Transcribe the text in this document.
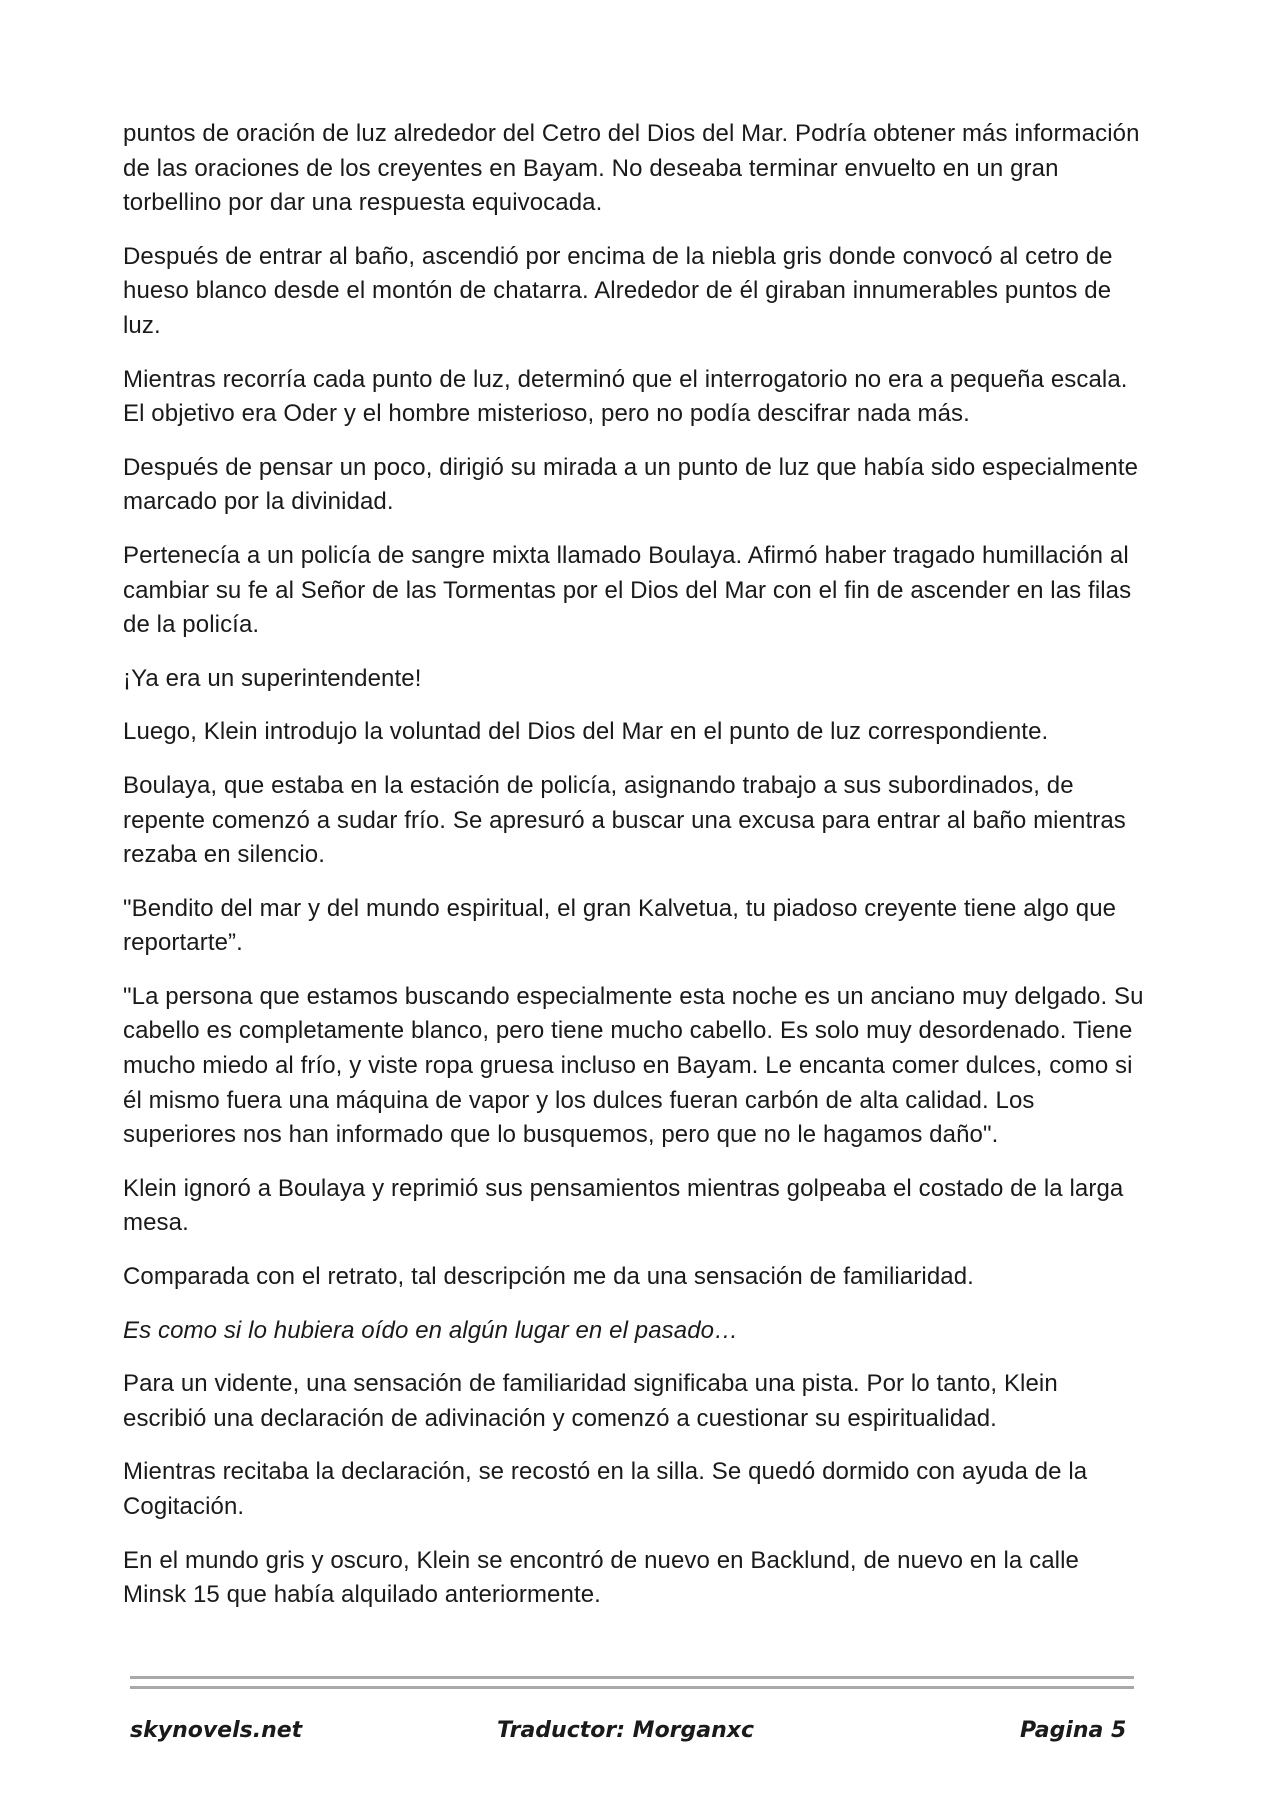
puntos de oración de luz alrededor del Cetro del Dios del Mar. Podría obtener más información de las oraciones de los creyentes en Bayam. No deseaba terminar envuelto en un gran torbellino por dar una respuesta equivocada.

Después de entrar al baño, ascendió por encima de la niebla gris donde convocó al cetro de hueso blanco desde el montón de chatarra. Alrededor de él giraban innumerables puntos de luz.

Mientras recorría cada punto de luz, determinó que el interrogatorio no era a pequeña escala. El objetivo era Oder y el hombre misterioso, pero no podía descifrar nada más.

Después de pensar un poco, dirigió su mirada a un punto de luz que había sido especialmente marcado por la divinidad.

Pertenecía a un policía de sangre mixta llamado Boulaya. Afirmó haber tragado humillación al cambiar su fe al Señor de las Tormentas por el Dios del Mar con el fin de ascender en las filas de la policía.

¡Ya era un superintendente!

Luego, Klein introdujo la voluntad del Dios del Mar en el punto de luz correspondiente.

Boulaya, que estaba en la estación de policía, asignando trabajo a sus subordinados, de repente comenzó a sudar frío. Se apresuró a buscar una excusa para entrar al baño mientras rezaba en silencio.

"Bendito del mar y del mundo espiritual, el gran Kalvetua, tu piadoso creyente tiene algo que reportarte”.

"La persona que estamos buscando especialmente esta noche es un anciano muy delgado. Su cabello es completamente blanco, pero tiene mucho cabello. Es solo muy desordenado. Tiene mucho miedo al frío, y viste ropa gruesa incluso en Bayam. Le encanta comer dulces, como si él mismo fuera una máquina de vapor y los dulces fueran carbón de alta calidad. Los superiores nos han informado que lo busquemos, pero que no le hagamos daño".

Klein ignoró a Boulaya y reprimió sus pensamientos mientras golpeaba el costado de la larga mesa.

Comparada con el retrato, tal descripción me da una sensación de familiaridad.

Es como si lo hubiera oído en algún lugar en el pasado…

Para un vidente, una sensación de familiaridad significaba una pista. Por lo tanto, Klein escribió una declaración de adivinación y comenzó a cuestionar su espiritualidad.

Mientras recitaba la declaración, se recostó en la silla. Se quedó dormido con ayuda de la Cogitación.

En el mundo gris y oscuro, Klein se encontró de nuevo en Backlund, de nuevo en la calle Minsk 15 que había alquilado anteriormente.

skynovels.net	Traductor: Morganxc	Pagina 5
